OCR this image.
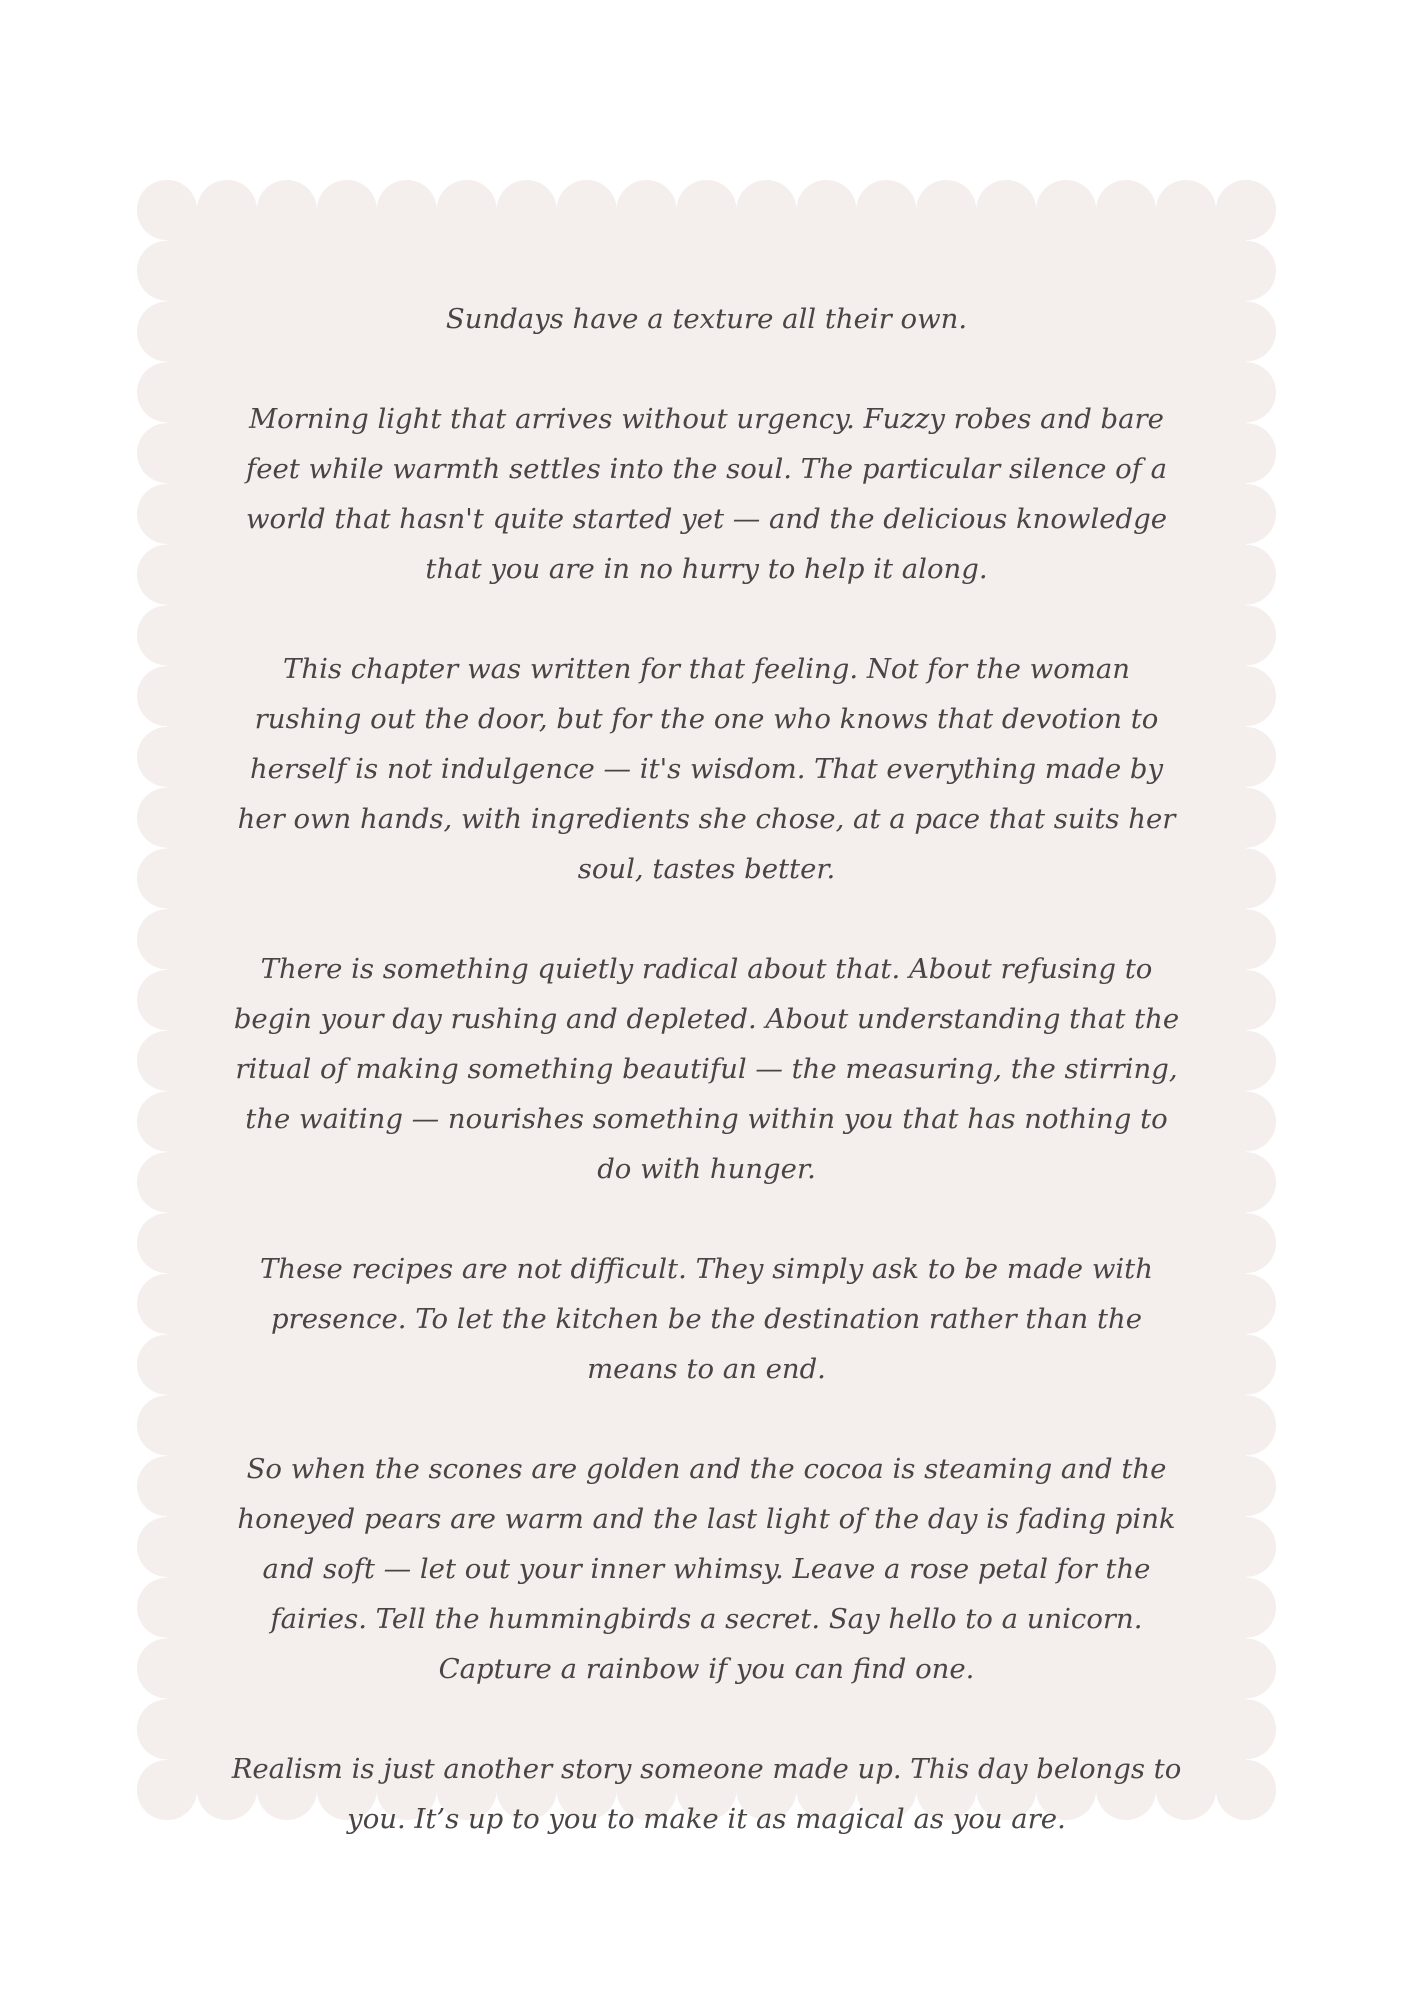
Sundays have a texture all their own.

Morning light that arrives without urgency. Fuzzy robes and bare feet while warmth settles into the soul. The particular silence of a world that hasn't quite started yet — and the delicious knowledge that you are in no hurry to help it along.

This chapter was written for that feeling. Not for the woman rushing out the door, but for the one who knows that devotion to herself is not indulgence — it's wisdom. That everything made by her own hands, with ingredients she chose, at a pace that suits her soul, tastes better.

There is something quietly radical about that. About refusing to begin your day rushing and depleted. About understanding that the ritual of making something beautiful — the measuring, the stirring, the waiting — nourishes something within you that has nothing to do with hunger.

These recipes are not difficult. They simply ask to be made with presence. To let the kitchen be the destination rather than the means to an end.

So when the scones are golden and the cocoa is steaming and the honeyed pears are warm and the last light of the day is fading pink and soft — let out your inner whimsy. Leave a rose petal for the fairies. Tell the hummingbirds a secret. Say hello to a unicorn. Capture a rainbow if you can find one.

Realism is just another story someone made up. This day belongs to you. It’s up to you to make it as magical as you are.
